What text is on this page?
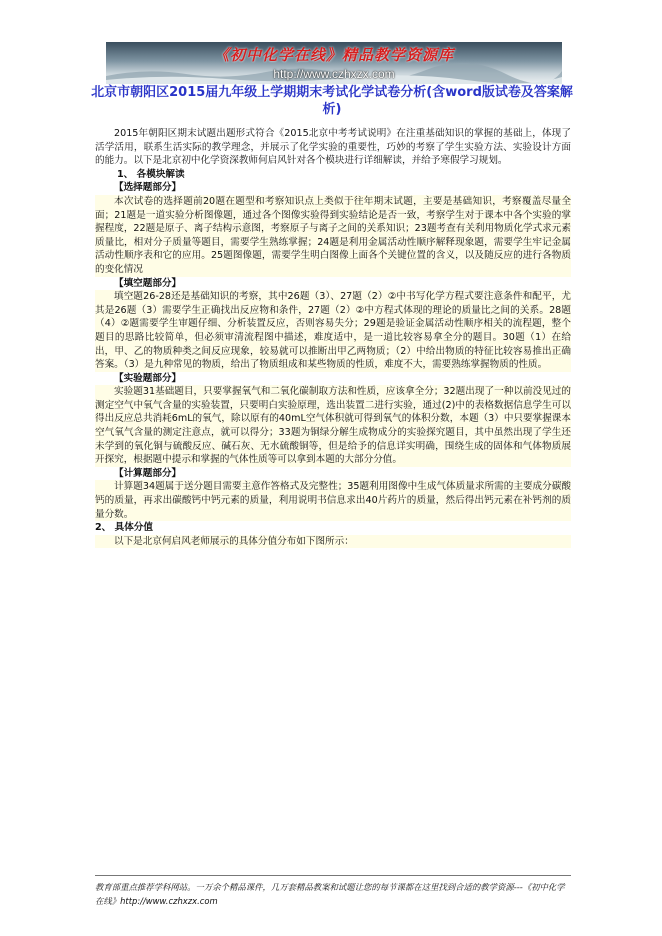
《初中化学在线》精品教学资源库
http://www.czhxzx.com
北京市朝阳区2015届九年级上学期期末考试化学试卷分析(含word版试卷及答案解析)

2015年朝阳区期末试题出题形式符合《2015北京中考考试说明》在注重基础知识的掌握的基础上，体现了活学活用，联系生活实际的教学理念，并展示了化学实验的重要性，巧妙的考察了学生实验方法、实验设计方面的能力。以下是北京初中化学资深教师何启风针对各个模块进行详细解读，并给予寒假学习规划。

1、 各模块解读
【选择题部分】

本次试卷的选择题前20题在题型和考察知识点上类似于往年期末试题，主要是基础知识，考察覆盖尽量全面；21题是一道实验分析图像题，通过各个图像实验得到实验结论是否一致，考察学生对于课本中各个实验的掌握程度，22题是原子、离子结构示意图，考察原子与离子之间的关系知识；23题考查有关利用物质化学式求元素质量比，相对分子质量等题目，需要学生熟练掌握；24题是利用金属活动性顺序解释现象题，需要学生牢记金属活动性顺序表和它的应用。25题图像题，需要学生明白图像上面各个关键位置的含义，以及随反应的进行各物质的变化情况

【填空题部分】

填空题26-28还是基础知识的考察，其中26题（3）、27题（2）②中书写化学方程式要注意条件和配平，尤其是26题（3）需要学生正确找出反应物和条件，27题（2）②中方程式体现的理论的质量比之间的关系。28题（4）②题需要学生审题仔细、分析装置反应，否则容易失分；29题是验证金属活动性顺序相关的流程题，整个题目的思路比较简单，但必须审清流程图中描述，难度适中，是一道比较容易拿全分的题目。30题（1）在给出，甲、乙的物质种类之间反应现象，较易就可以推断出甲乙两物质；（2）中给出物质的特征比较容易推出正确答案。（3）是九种常见的物质，给出了物质组成和某些物质的性质，难度不大，需要熟练掌握物质的性质。

【实验题部分】

实验题31基础题目，只要掌握氧气和二氧化碳制取方法和性质，应该拿全分；32题出现了一种以前没见过的测定空气中氧气含量的实验装置，只要明白实验原理，选出装置二进行实验，通过(2)中的表格数据信息学生可以得出反应总共消耗6mL的氧气，除以原有的40mL空气体积就可得到氧气的体积分数，本题（3）中只要掌握课本空气氧气含量的测定注意点，就可以得分；33题为铜绿分解生成物成分的实验探究题目，其中虽然出现了学生还未学到的氧化铜与硫酸反应、碱石灰、无水硫酸铜等，但是给予的信息详实明确，围绕生成的固体和气体物质展开探究，根据题中提示和掌握的气体性质等可以拿到本题的大部分分值。

【计算题部分】

计算题34题属于送分题目需要主意作答格式及完整性；35题利用图像中生成气体质量求所需的主要成分碳酸钙的质量，再求出碳酸钙中钙元素的质量，利用说明书信息求出40片药片的质量，然后得出钙元素在补钙剂的质量分数。

2、 具体分值

以下是北京何启风老师展示的具体分值分布如下图所示：

教育部重点推荐学科网站。一万余个精品课件，几万套精品教案和试题让您的每节课都在这里找到合适的教学资源---《初中化学在线》http://www.czhxzx.com
